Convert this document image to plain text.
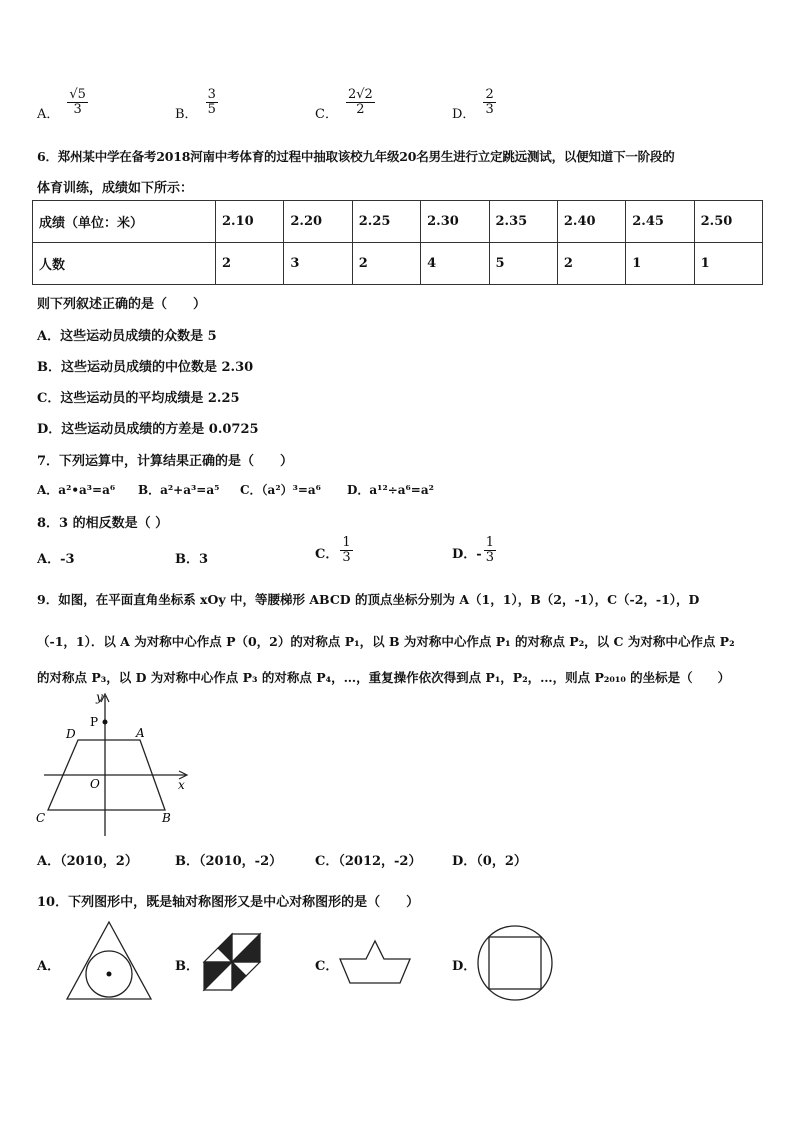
A． $\frac{√5}{3}$	B． $\frac{3}{5}$	C． $\frac{2√2}{2}$	D． $\frac{2}{3}$
6．郑州某中学在备考2018河南中考体育的过程中抽取该校九年级20名男生进行立定跳远测试，以便知道下一阶段的
体育训练，成绩如下所示：
成绩（单位：米）	2.10	2.20	2.25	2.30	2.35	2.40	2.45	2.50
人数	2	3	2	4	5	2	1	1
则下列叙述正确的是（　　）
A．这些运动员成绩的众数是 5
B．这些运动员成绩的中位数是 2.30
C．这些运动员的平均成绩是 2.25
D．这些运动员成绩的方差是 0.0725
7．下列运算中，计算结果正确的是（　　）
A．a²•a³=a⁶ B．a²+a³=a⁵ C．（a²）³=a⁶ D．a¹²÷a⁶=a²
8．3 的相反数是（ ）
A．-3	B．3	C． $\frac{1}{3}$	D．- $\frac{1}{3}$
9．如图，在平面直角坐标系 xOy 中，等腰梯形 ABCD 的顶点坐标分别为 A（1，1），B（2，-1），C（-2，-1），D
（-1，1）．以 A 为对称中心作点 P（0，2）的对称点 P₁，以 B 为对称中心作点 P₁ 的对称点 P₂，以 C 为对称中心作点 P₂
的对称点 P₃，以 D 为对称中心作点 P₃ 的对称点 P₄，…，重复操作依次得到点 P₁，P₂，…，则点 P₂₀₁₀ 的坐标是（　　）
y
P
D	A
O	x
C	B
A．（2010，2）	B．（2010，-2）	C．（2012，-2） D．（0，2）
10．下列图形中，既是轴对称图形又是中心对称图形的是（　　）
A．	B．	C．	D．
